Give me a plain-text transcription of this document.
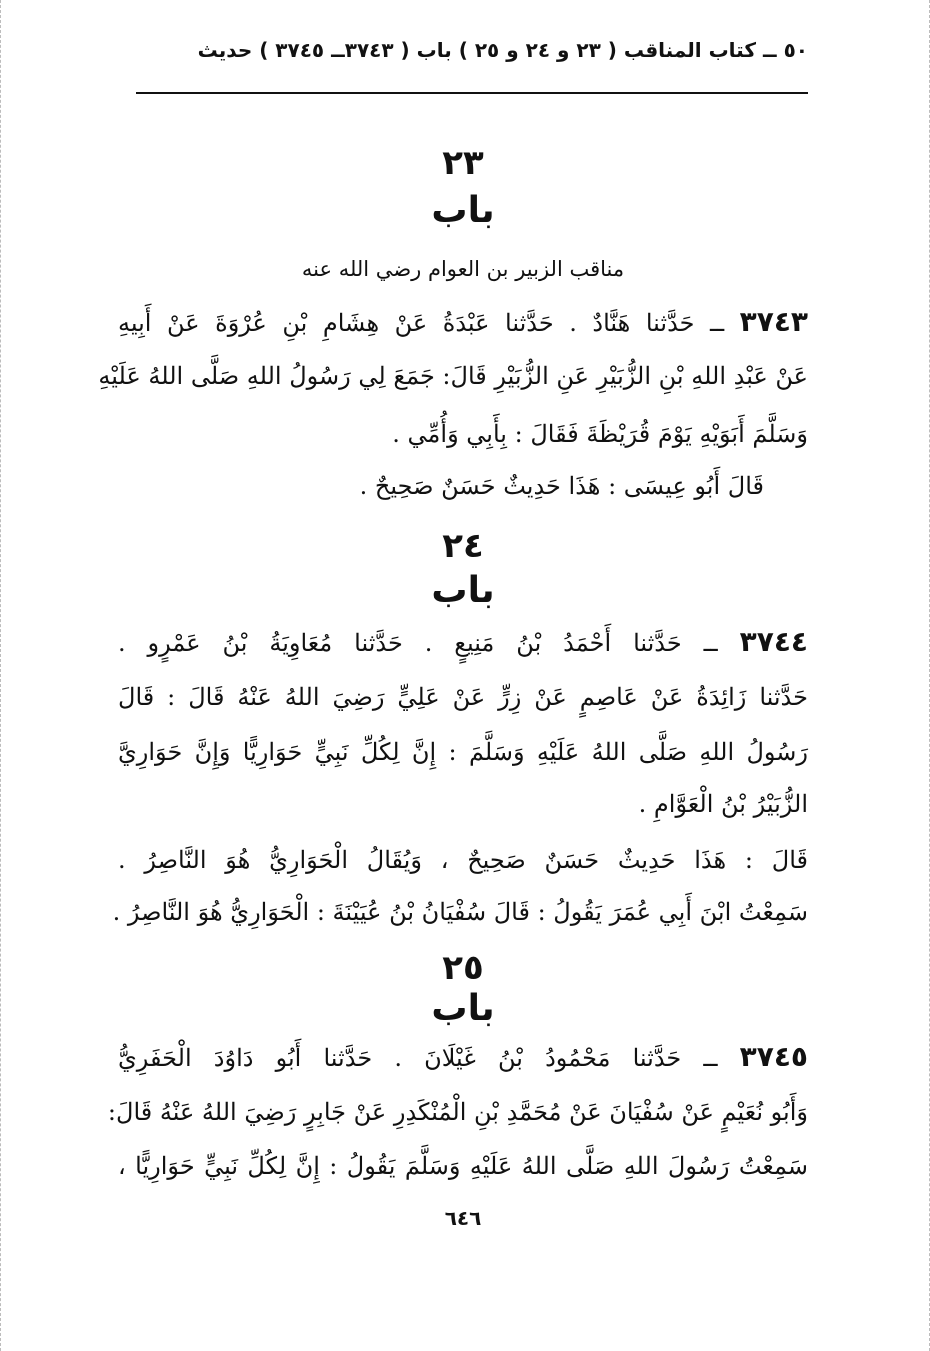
٥٠ ــ كتاب المناقب ( ٢٣ و ٢٤ و ٢٥ ) باب ( ٣٧٤٣ــ ٣٧٤٥ ) حديث
٢٣
باب
مناقب الزبير بن العوام رضي الله عنه
٣٧٤٣ ــ حَدَّثنا هَنَّادٌ . حَدَّثنا عَبْدَةُ عَنْ هِشَامِ بْنِ عُرْوَةَ عَنْ أَبِيهِ
عَنْ عَبْدِ اللهِ بْنِ الزُّبَيْرِ عَنِ الزُّبَيْرِ قَالَ: جَمَعَ لِي رَسُولُ اللهِ صَلَّى اللهُ عَلَيْهِ
وَسَلَّمَ أَبَوَيْهِ يَوْمَ قُرَيْظَةَ فَقَالَ : بِأَبِي وَأُمِّي .
قَالَ أَبُو عِيسَى : هَذَا حَدِيثٌ حَسَنٌ صَحِيحٌ .
٢٤
باب
٣٧٤٤ ــ حَدَّثنا أَحْمَدُ بْنُ مَنِيعٍ . حَدَّثنا مُعَاوِيَةُ بْنُ عَمْرٍو .
حَدَّثنا زَائِدَةُ عَنْ عَاصِمٍ عَنْ زِرٍّ عَنْ عَلِيٍّ رَضِيَ اللهُ عَنْهُ قَالَ : قَالَ
رَسُولُ اللهِ صَلَّى اللهُ عَلَيْهِ وَسَلَّمَ : إِنَّ لِكُلِّ نَبِيٍّ حَوَارِيًّا وَإِنَّ حَوَارِيَّ
الزُّبَيْرُ بْنُ الْعَوَّامِ .
قَالَ : هَذَا حَدِيثٌ حَسَنٌ صَحِيحٌ ، وَيُقَالُ الْحَوَارِيُّ هُوَ النَّاصِرُ .
سَمِعْتُ ابْنَ أَبِي عُمَرَ يَقُولُ : قَالَ سُفْيَانُ بْنُ عُيَيْنَةَ : الْحَوَارِيُّ هُوَ النَّاصِرُ .
٢٥
باب
٣٧٤٥ ــ حَدَّثنا مَحْمُودُ بْنُ غَيْلَانَ . حَدَّثنا أَبُو دَاوُدَ الْحَفَرِيُّ
وَأَبُو نُعَيْمٍ عَنْ سُفْيَانَ عَنْ مُحَمَّدِ بْنِ الْمُنْكَدِرِ عَنْ جَابِرٍ رَضِيَ اللهُ عَنْهُ قَالَ:
سَمِعْتُ رَسُولَ اللهِ صَلَّى اللهُ عَلَيْهِ وَسَلَّمَ يَقُولُ : إِنَّ لِكُلِّ نَبِيٍّ حَوَارِيًّا ،
٦٤٦
